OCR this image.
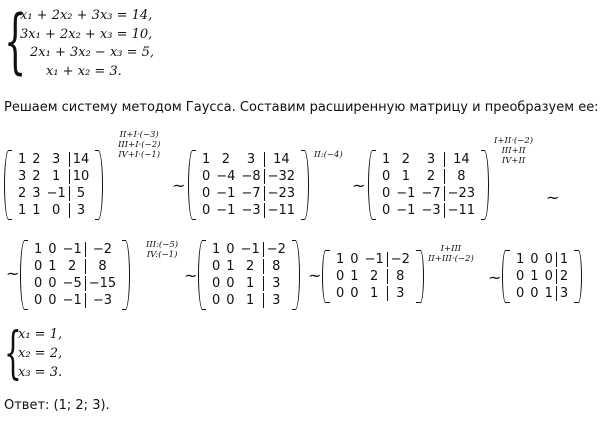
{
x₁ + 2x₂ + 3x₃ = 14,
3x₁ + 2x₂ + x₃ = 10,
2x₁ + 3x₂ − x₃ = 5,
x₁ + x₂ = 3.
Решаем систему методом Гаусса. Составим расширенную матрицу и преобразуем ее:
1 2 3 14
3 2 1 10
2 3 −1 5
1 1 0	3
II+I·(−3)
III+I·(−2)
IV+I·(−1)
~
1 2	3	14
0 −4 −8 −32
0 −1 −7 −23
0 −1 −3 −11
II:(−4)
~
1 2	3	14
0 1	2	8
0 −1 −7 −23
0 −1 −3 −11
I+II·(−2)
III+II
IV+II
~
~
1 0 −1 −2
0 1 2	8
0 0 −5 −15
0 0 −1 −3
III:(−5)
IV:(−1)
~
1 0 −1 −2
0 1 2	8
0 0 1	3
0 0 1	3
~
1 0 −1 −2
0 1 2	8
0 0 1	3
I+III
II+III·(−2)
~
1 0 0 1
0 1 0 2
0 0 1 3
{
x₁ = 1,
x₂ = 2,
x₃ = 3.
Ответ: (1; 2; 3).
